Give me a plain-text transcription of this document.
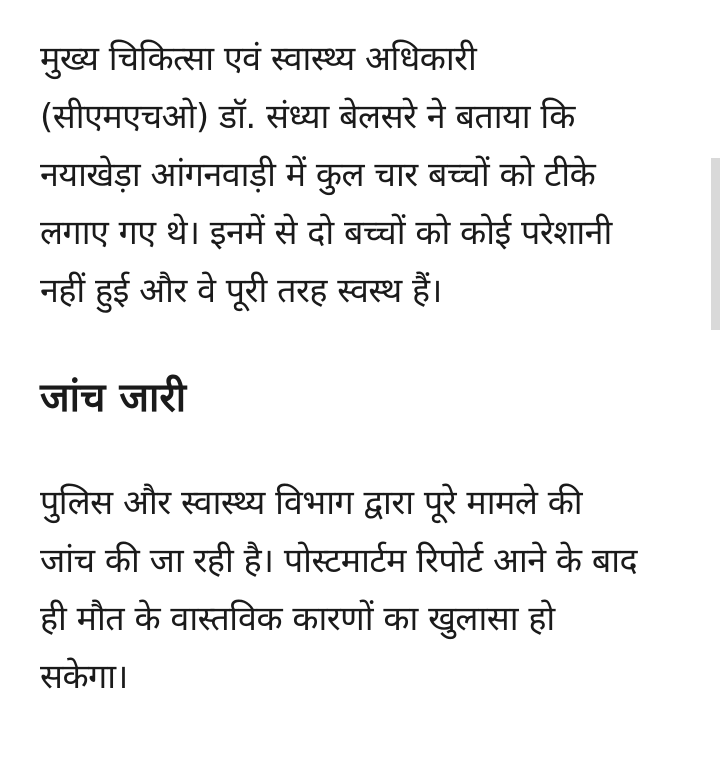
मुख्य चिकित्सा एवं स्वास्थ्य अधिकारी
(सीएमएचओ) डॉ. संध्या बेलसरे ने बताया कि
नयाखेड़ा आंगनवाड़ी में कुल चार बच्चों को टीके
लगाए गए थे। इनमें से दो बच्चों को कोई परेशानी
नहीं हुई और वे पूरी तरह स्वस्थ हैं।

जांच जारी

पुलिस और स्वास्थ्य विभाग द्वारा पूरे मामले की
जांच की जा रही है। पोस्टमार्टम रिपोर्ट आने के बाद
ही मौत के वास्तविक कारणों का खुलासा हो
सकेगा।
